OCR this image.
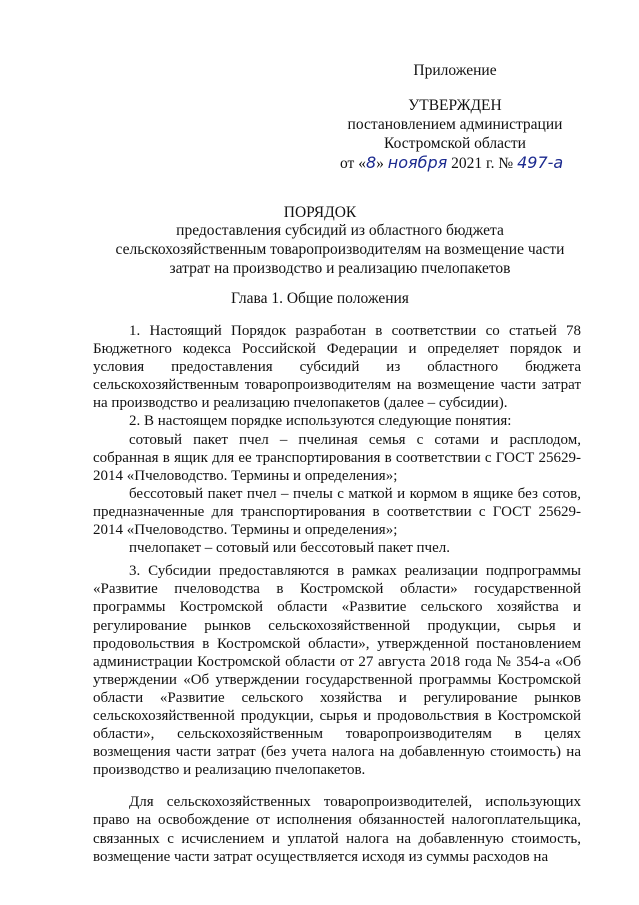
Приложение
УТВЕРЖДЕН
постановлением администрации
Костромской области
от «8» ноября 2021 г. № 497-а
ПОРЯДОК
предоставления субсидий из областного бюджета сельскохозяйственным товаропроизводителям на возмещение части затрат на производство и реализацию пчелопакетов
Глава 1. Общие положения

1. Настоящий Порядок разработан в соответствии со статьей 78 Бюджетного кодекса Российской Федерации и определяет порядок и условия предоставления субсидий из областного бюджета сельскохозяйственным товаропроизводителям на возмещение части затрат на производство и реализацию пчелопакетов (далее – субсидии).

2. В настоящем порядке используются следующие понятия:

сотовый пакет пчел – пчелиная семья с сотами и расплодом, собранная в ящик для ее транспортирования в соответствии с ГОСТ 25629-2014 «Пчеловодство. Термины и определения»;

бессотовый пакет пчел – пчелы с маткой и кормом в ящике без сотов, предназначенные для транспортирования в соответствии с ГОСТ 25629-2014 «Пчеловодство. Термины и определения»;

пчелопакет – сотовый или бессотовый пакет пчел.

3. Субсидии предоставляются в рамках реализации подпрограммы «Развитие пчеловодства в Костромской области» государственной программы Костромской области «Развитие сельского хозяйства и регулирование рынков сельскохозяйственной продукции, сырья и продовольствия в Костромской области», утвержденной постановлением администрации Костромской области от 27 августа 2018 года № 354-а «Об утверждении «Об утверждении государственной программы Костромской области «Развитие сельского хозяйства и регулирование рынков сельскохозяйственной продукции, сырья и продовольствия в Костромской области», сельскохозяйственным товаропроизводителям в целях возмещения части затрат (без учета налога на добавленную стоимость) на производство и реализацию пчелопакетов.

Для сельскохозяйственных товаропроизводителей, использующих право на освобождение от исполнения обязанностей налогоплательщика, связанных с исчислением и уплатой налога на добавленную стоимость, возмещение части затрат осуществляется исходя из суммы расходов на
